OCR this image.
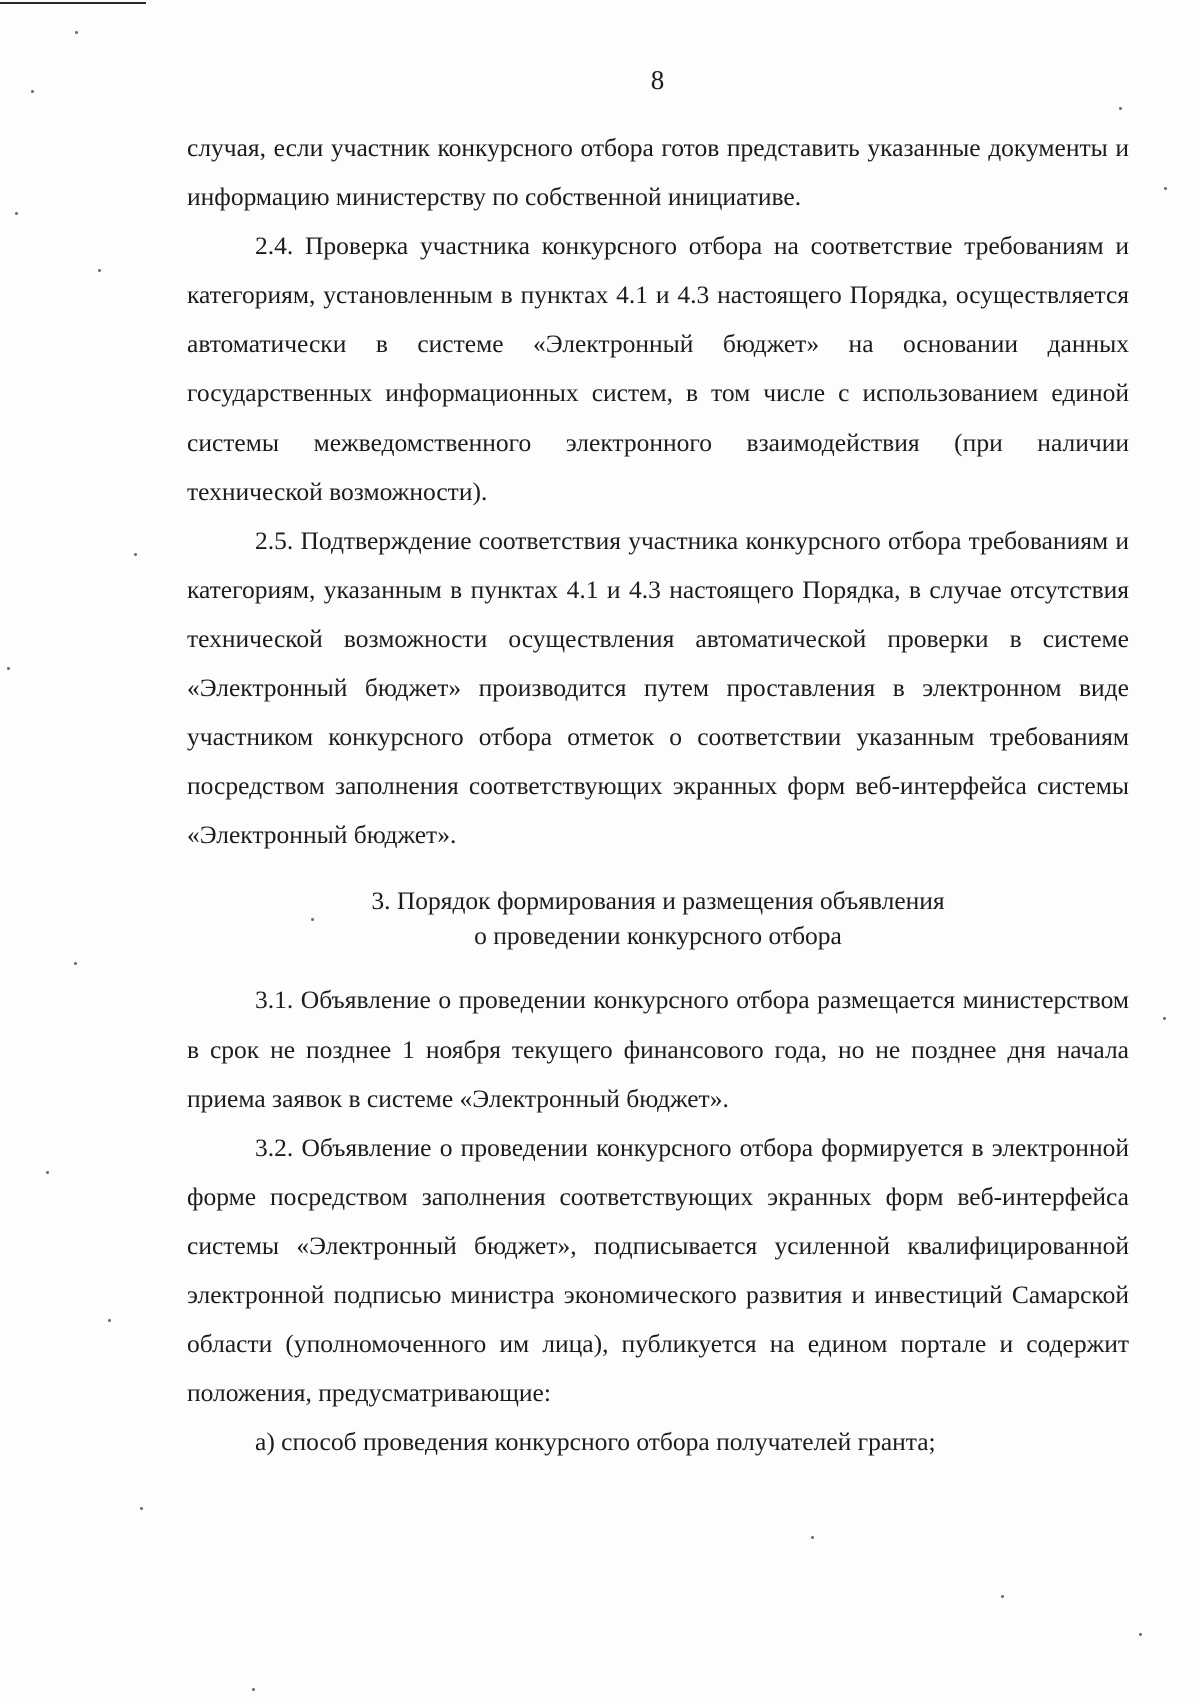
8

случая, если участник конкурсного отбора готов представить указанные документы и информацию министерству по собственной инициативе.

2.4. Проверка участника конкурсного отбора на соответствие требованиям и категориям, установленным в пунктах 4.1 и 4.3 настоящего Порядка, осуществляется автоматически в системе «Электронный бюджет» на основании данных государственных информационных систем, в том числе с использованием единой системы межведомственного электронного взаимодействия (при наличии технической возможности).

2.5. Подтверждение соответствия участника конкурсного отбора требованиям и категориям, указанным в пунктах 4.1 и 4.3 настоящего Порядка, в случае отсутствия технической возможности осуществления автоматической проверки в системе «Электронный бюджет» производится путем проставления в электронном виде участником конкурсного отбора отметок о соответствии указанным требованиям посредством заполнения соответствующих экранных форм веб-интерфейса системы «Электронный бюджет».

3. Порядок формирования и размещения объявления
о проведении конкурсного отбора

3.1. Объявление о проведении конкурсного отбора размещается министерством в срок не позднее 1 ноября текущего финансового года, но не позднее дня начала приема заявок в системе «Электронный бюджет».

3.2. Объявление о проведении конкурсного отбора формируется в электронной форме посредством заполнения соответствующих экранных форм веб-интерфейса системы «Электронный бюджет», подписывается усиленной квалифицированной электронной подписью министра экономического развития и инвестиций Самарской области (уполномоченного им лица), публикуется на едином портале и содержит положения, предусматривающие:

а) способ проведения конкурсного отбора получателей гранта;
